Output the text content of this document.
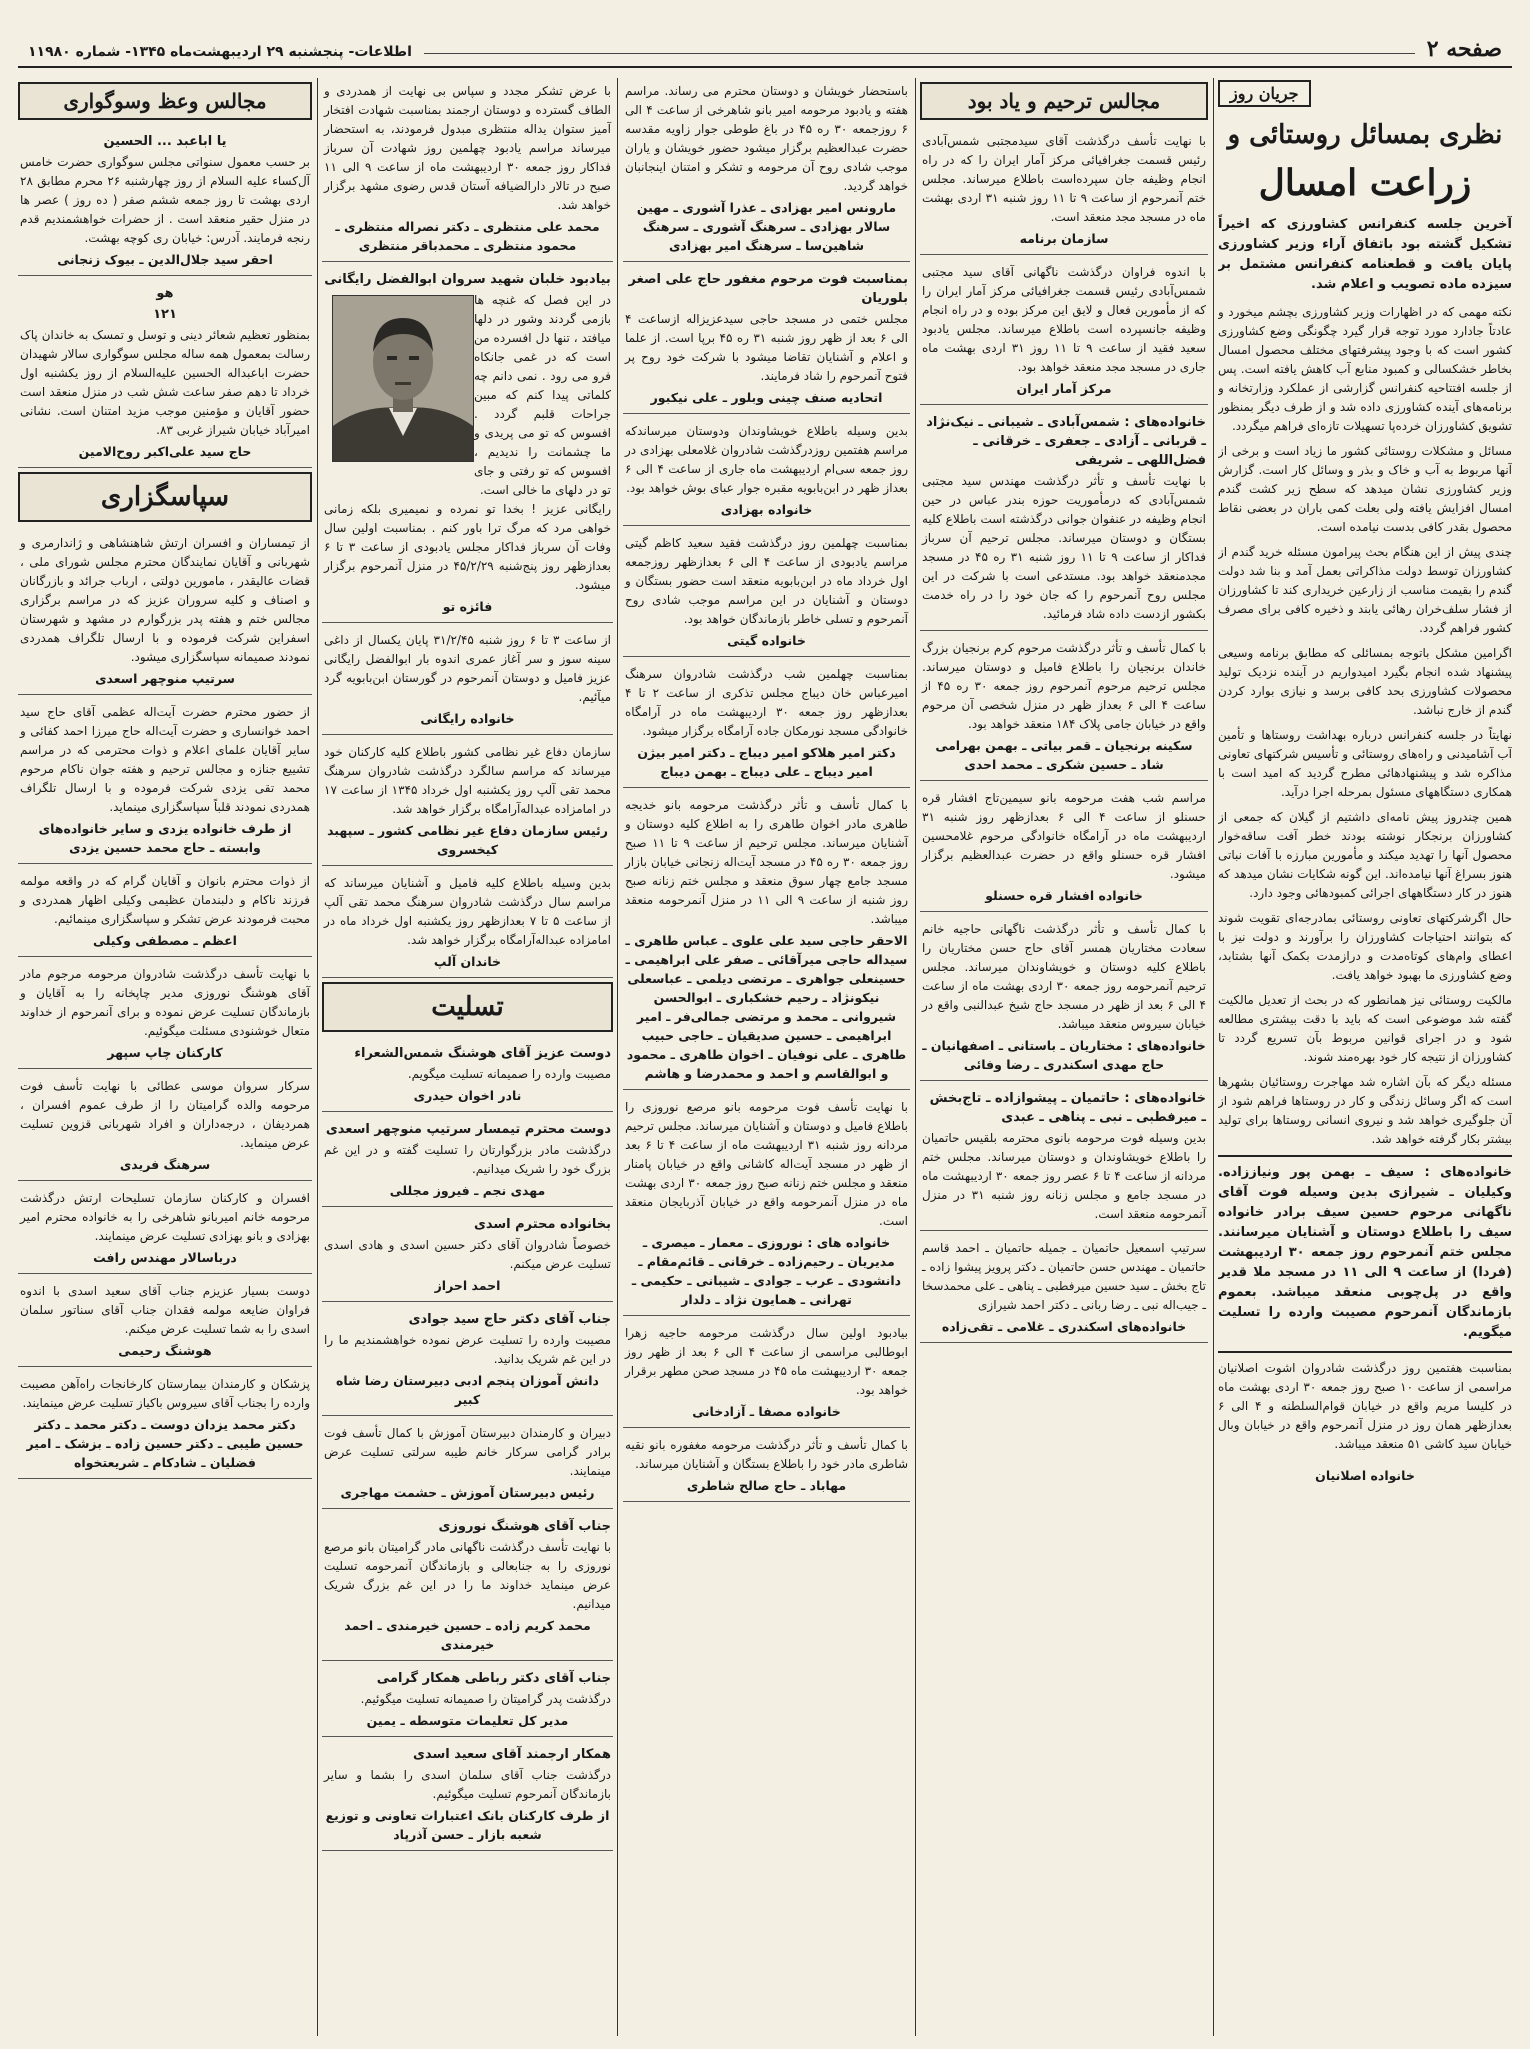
صفحه ۲
اطلاعات- پنجشنبه ۲۹ اردیبهشت‌ماه ۱۳۴۵- شماره ۱۱۹۸۰
جریان روز
نظری بمسائل روستائی و
زراعت امسال
آخرین جلسه کنفرانس کشاورزی که اخیراً تشکیل گشته بود باتفاق آراء وزیر کشاورزی پایان یافت و قطعنامه کنفرانس مشتمل بر سیزده ماده تصویب و اعلام شد.
نکته مهمی که در اظهارات وزیر کشاورزی بچشم میخورد و عادتاً جادارد مورد توجه قرار گیرد چگونگی وضع کشاورزی کشور است که با وجود پیشرفتهای مختلف محصول امسال بخاطر خشکسالی و کمبود منابع آب کاهش یافته است. پس از جلسه افتتاحیه کنفرانس گزارشی از عملکرد وزارتخانه و برنامه‌های آینده کشاورزی داده شد و از طرف دیگر بمنظور تشویق کشاورزان خرده‌پا تسهیلات تازه‌ای فراهم میگردد.
مسائل و مشکلات روستائی کشور ما زیاد است و برخی از آنها مربوط به آب و خاک و بذر و وسائل کار است. گزارش وزیر کشاورزی نشان میدهد که سطح زیر کشت گندم امسال افزایش یافته ولی بعلت کمی باران در بعضی نقاط محصول بقدر کافی بدست نیامده است.
چندی پیش از این هنگام بحث پیرامون مسئله خرید گندم از کشاورزان توسط دولت مذاکراتی بعمل آمد و بنا شد دولت گندم را بقیمت مناسب از زارعین خریداری کند تا کشاورزان از فشار سلف‌خران رهائی یابند و ذخیره کافی برای مصرف کشور فراهم گردد.
اگرامین مشکل باتوجه بمسائلی که مطابق برنامه وسیعی پیشنهاد شده انجام بگیرد امیدواریم در آینده نزدیک تولید محصولات کشاورزی بحد کافی برسد و نیازی بوارد کردن گندم از خارج نباشد.
نهایتاً در جلسه کنفرانس درباره بهداشت روستاها و تأمین آب آشامیدنی و راه‌های روستائی و تأسیس شرکتهای تعاونی مذاکره شد و پیشنهادهائی مطرح گردید که امید است با همکاری دستگاههای مسئول بمرحله اجرا درآید.
همین چندروز پیش نامه‌ای داشتیم از گیلان که جمعی از کشاورزان برنجکار نوشته بودند خطر آفت ساقه‌خوار محصول آنها را تهدید میکند و مأمورین مبارزه با آفات نباتی هنوز بسراغ آنها نیامده‌اند. این گونه شکایات نشان میدهد که هنوز در کار دستگاههای اجرائی کمبودهائی وجود دارد.
حال اگرشرکتهای تعاونی روستائی بمادرجه‌ای تقویت شوند که بتوانند احتیاجات کشاورزان را برآورند و دولت نیز با اعطای وام‌های کوتاه‌مدت و درازمدت بکمک آنها بشتابد، وضع کشاورزی ما بهبود خواهد یافت.
مالکیت روستائی نیز همانطور که در بحث از تعدیل مالکیت گفته شد موضوعی است که باید با دقت بیشتری مطالعه شود و در اجرای قوانین مربوط بآن تسریع گردد تا کشاورزان از نتیجه کار خود بهره‌مند شوند.
مسئله دیگر که بآن اشاره شد مهاجرت روستائیان بشهرها است که اگر وسائل زندگی و کار در روستاها فراهم شود از آن جلوگیری خواهد شد و نیروی انسانی روستاها برای تولید بیشتر بکار گرفته خواهد شد.
خانواده‌های : سیف ـ بهمن پور ونیاززاده. وکیلیان ـ شیرازی بدین وسیله فوت آقای ناگهانی مرحوم حسین سیف برادر خانواده سیف را باطلاع دوستان و آشنایان میرسانند. مجلس ختم آنمرحوم روز جمعه ۳۰ اردیبهشت (فردا) از ساعت ۹ الی ۱۱ در مسجد ملا قدیر واقع در پل‌چوبی منعقد میباشد. بعموم بازماندگان آنمرحوم مصیبت وارده را تسلیت میگویم.
بمناسبت هفتمین روز درگذشت شادروان اشوت اصلانیان مراسمی از ساعت ۱۰ صبح روز جمعه ۳۰ اردی بهشت ماه در کلیسا مریم واقع در خیابان قوام‌السلطنه و ۴ الی ۶ بعدازظهر همان روز در منزل آنمرحوم واقع در خیابان وبال خیابان سید کاشی ۵۱ منعقد میباشد.
خانواده اصلانیان
مجالس ترحیم و یاد بود
با نهایت تأسف درگذشت آقای سیدمجتبی شمس‌آبادی رئیس قسمت جغرافیائی مرکز آمار ایران را که در راه انجام وظیفه جان سپرده‌است باطلاع میرساند. مجلس ختم آنمرحوم از ساعت ۹ تا ۱۱ روز شنبه ۳۱ اردی بهشت ماه در مسجد مجد منعقد است.
سازمان برنامه
با اندوه فراوان درگذشت ناگهانی آقای سید مجتبی شمس‌آبادی رئیس قسمت جغرافیائی مرکز آمار ایران را که از مأمورین فعال و لایق این مرکز بوده و در راه انجام وظیفه جانسپرده است باطلاع میرساند. مجلس یادبود سعید فقید از ساعت ۹ تا ۱۱ روز ۳۱ اردی بهشت ماه جاری در مسجد مجد منعقد خواهد بود.
مرکز آمار ایران
خانواده‌های : شمس‌آبادی ـ شیبانی ـ نیک‌نژاد ـ قربانی ـ آزادی ـ جعفری ـ خرقانی ـ فضل‌اللهی ـ شریفی
با نهایت تأسف و تأثر درگذشت مهندس سید مجتبی شمس‌آبادی که درمأموریت حوزه بندر عباس در حین انجام وظیفه در عنفوان جوانی درگذشته است باطلاع کلیه بستگان و دوستان میرساند. مجلس ترحیم آن سرباز فداکار از ساعت ۹ تا ۱۱ روز شنبه ۳۱ ره ۴۵ در مسجد مجدمنعقد خواهد بود. مستدعی است با شرکت در این مجلس روح آنمرحوم را که جان خود را در راه خدمت بکشور ازدست داده شاد فرمائید.
با کمال تأسف و تأثر درگذشت مرحوم کرم برنجیان بزرگ خاندان برنجیان را باطلاع فامیل و دوستان میرساند. مجلس ترحیم مرحوم آنمرحوم روز جمعه ۳۰ ره ۴۵ از ساعت ۴ الی ۶ بعداز ظهر در منزل شخصی آن مرحوم واقع در خیابان جامی پلاک ۱۸۴ منعقد خواهد بود.
سکینه برنجیان ـ قمر بیاتی ـ بهمن بهرامی شاد ـ حسین شکری ـ محمد احدی
مراسم شب هفت مرحومه بانو سیمین‌تاج افشار قره حسنلو از ساعت ۴ الی ۶ بعدازظهر روز شنبه ۳۱ اردیبهشت ماه در آرامگاه خانوادگی مرحوم غلامحسین افشار قره حسنلو واقع در حضرت عبدالعظیم برگزار میشود.
خانواده افشار قره حسنلو
با کمال تأسف و تأثر درگذشت ناگهانی حاجیه خانم سعادت مختاریان همسر آقای حاج حسن مختاریان را باطلاع کلیه دوستان و خویشاوندان میرساند. مجلس ترحیم آنمرحومه روز جمعه ۳۰ اردی بهشت ماه از ساعت ۴ الی ۶ بعد از ظهر در مسجد حاج شیخ عبدالنبی واقع در خیابان سیروس منعقد میباشد.
خانواده‌های : مختاریان ـ باستانی ـ اصفهانیان ـ حاج مهدی اسکندری ـ رضا وفائی
خانواده‌های : حاتمیان ـ پیشوازاده ـ تاج‌بخش ـ میرفطبی ـ نبی ـ پناهی ـ عبدی
بدین وسیله فوت مرحومه بانوی محترمه بلقیس حاتمیان را باطلاع خویشاوندان و دوستان میرساند. مجلس ختم مردانه از ساعت ۴ تا ۶ عصر روز جمعه ۳۰ اردیبهشت ماه در مسجد جامع و مجلس زنانه روز شنبه ۳۱ در منزل آنمرحومه منعقد است.
سرتیپ اسمعیل حاتمیان ـ جمیله حاتمیان ـ احمد قاسم حاتمیان ـ مهندس حسن حاتمیان ـ دکتر پرویز پیشوا زاده ـ تاج بخش ـ سید حسین میرفطبی ـ پناهی ـ علی محمدسخا ـ جیب‌اله نبی ـ رضا ربانی ـ دکتر احمد شیرازی
خانواده‌های اسکندری ـ غلامی ـ تقی‌زاده
باستحضار خویشان و دوستان محترم می رساند. مراسم هفته و یادبود مرحومه امیر بانو شاهرخی از ساعت ۴ الی ۶ روزجمعه ۳۰ ره ۴۵ در باغ طوطی جوار زاویه مقدسه حضرت عبدالعظیم برگزار میشود حضور خویشان و یاران موجب شادی روح آن مرحومه و تشکر و امتنان اینجانبان خواهد گردید.
مارونس امیر بهزادی ـ عذرا آشوری ـ مهین سالار بهزادی ـ سرهنگ آشوری ـ سرهنگ شاهین‌سا ـ سرهنگ امیر بهزادی
بمناسبت فوت مرحوم مغفور حاج علی اصغر بلوریان
مجلس ختمی در مسجد حاجی سیدعزیزاله ازساعت ۴ الی ۶ بعد از ظهر روز شنبه ۳۱ ره ۴۵ برپا است. از علما و اعلام و آشنایان تقاضا میشود با شرکت خود روح پر فتوح آنمرحوم را شاد فرمایند.
اتحادیه صنف چینی وبلور ـ علی نیکبور
بدین وسیله باطلاع خویشاوندان ودوستان میرساندکه مراسم هفتمین روزدرگذشت شادروان غلامعلی بهزادی در روز جمعه سی‌ام اردیبهشت ماه جاری از ساعت ۴ الی ۶ بعداز ظهر در ابن‌بابویه مقبره جوار عبای بوش خواهد بود.
خانواده بهزادی
بمناسبت چهلمین روز درگذشت فقید سعید کاظم گیتی مراسم یادبودی از ساعت ۴ الی ۶ بعدازظهر روزجمعه اول خرداد ماه در ابن‌بابویه منعقد است حضور بستگان و دوستان و آشنایان در این مراسم موجب شادی روح آنمرحوم و تسلی خاطر بازماندگان خواهد بود.
خانواده گیتی
بمناسبت چهلمین شب درگذشت شادروان سرهنگ امیرعباس خان دیباج مجلس تذکری از ساعت ۲ تا ۴ بعدازظهر روز جمعه ۳۰ اردیبهشت ماه در آرامگاه خانوادگی مسجد نورمکان جاده آرامگاه برگزار میشود.
دکتر امیر هلاکو امیر دیباج ـ دکتر امیر بیژن امیر دیباج ـ علی دیباج ـ بهمن دیباج
با کمال تأسف و تأثر درگذشت مرحومه بانو خدیجه طاهری مادر اخوان طاهری را به اطلاع کلیه دوستان و آشنایان میرساند. مجلس ترحیم از ساعت ۹ تا ۱۱ صبح روز جمعه ۳۰ ره ۴۵ در مسجد آیت‌اله زنجانی خیابان بازار مسجد جامع چهار سوق منعقد و مجلس ختم زنانه صبح روز شنبه از ساعت ۹ الی ۱۱ در منزل آنمرحومه منعقد میباشد.
الاحقر حاجی سید علی علوی ـ عباس طاهری ـ سیداله حاجی میرآقائی ـ صفر علی ابراهیمی ـ حسینعلی جواهری ـ مرتضی دیلمی ـ عباسعلی نیکونژاد ـ رحیم خشکباری ـ ابوالحسن شیروانی ـ محمد و مرتضی جمالی‌فر ـ امیر ابراهیمی ـ حسین صدیقیان ـ حاجی حبیب طاهری ـ علی نوفیان ـ اخوان طاهری ـ محمود و ابوالقاسم و احمد و محمدرضا و هاشم
با نهایت تأسف فوت مرحومه بانو مرصع نوروزی را باطلاع فامیل و دوستان و آشنایان میرساند. مجلس ترحیم مردانه روز شنبه ۳۱ اردیبهشت ماه از ساعت ۴ تا ۶ بعد از ظهر در مسجد آیت‌اله کاشانی واقع در خیابان پامنار منعقد و مجلس ختم زنانه صبح روز جمعه ۳۰ اردی بهشت ماه در منزل آنمرحومه واقع در خیابان آذربایجان منعقد است.
خانواده های : نوروزی ـ معمار ـ میصری ـ مدیریان ـ رحیم‌زاده ـ خرقانی ـ قائم‌مقام ـ دانشودی ـ عرب ـ جوادی ـ شیبانی ـ حکیمی ـ تهرانی ـ همایون نژاد ـ دلدار
بیادبود اولین سال درگذشت مرحومه حاجیه زهرا ابوطالبی مراسمی از ساعت ۴ الی ۶ بعد از ظهر روز جمعه ۳۰ اردیبهشت ماه ۴۵ در مسجد صحن مطهر برقرار خواهد بود.
خانواده مصفا ـ آزادخانی
با کمال تأسف و تأثر درگذشت مرحومه مغفوره بانو نقیه شاطری مادر خود را باطلاع بستگان و آشنایان میرساند.
مهاباد ـ حاج صالح شاطری
با عرض تشکر مجدد و سپاس بی نهایت از همدردی و الطاف گسترده و دوستان ارجمند بمناسبت شهادت افتخار آمیز ستوان یداله منتظری مبدول فرمودند، به استحضار میرساند مراسم یادبود چهلمین روز شهادت آن سرباز فداکار روز جمعه ۳۰ اردیبهشت ماه از ساعت ۹ الی ۱۱ صبح در تالار دارالضیافه آستان قدس رضوی مشهد برگزار خواهد شد.
محمد علی منتظری ـ دکتر نصراله منتظری ـ محمود منتظری ـ محمدباقر منتظری
بیادبود خلبان شهید سروان ابوالفضل رایگانی
در این فصل که غنچه ها بازمی گردند وشور در دلها میافتد ، تنها دل افسرده من است که در غمی جانکاه فرو می رود . نمی دانم چه کلماتی پیدا کنم که مبین جراحات قلبم گردد . افسوس که تو می پریدی و ما چشمانت را ندیدیم ، افسوس که تو رفتی و جای تو در دلهای ما خالی است.
رایگانی عزیز ! بخدا تو نمرده و نمیمیری بلکه زمانی خواهی مرد که مرگ ترا باور کنم . بمناسبت اولین سال وفات آن سرباز فداکار مجلس یادبودی از ساعت ۳ تا ۶ بعدازظهر روز پنج‌شنبه ۴۵/۲/۲۹ در منزل آنمرحوم برگزار میشود.
فائزه تو
از ساعت ۳ تا ۶ روز شنبه ۳۱/۲/۴۵ پایان یکسال از داغی سینه سوز و سر آغاز عمری اندوه بار ابوالفضل رایگانی عزیز فامیل و دوستان آنمرحوم در گورستان ابن‌بابویه گرد میآئیم.
خانواده رایگانی
سازمان دفاع غیر نظامی کشور باطلاع کلیه کارکنان خود میرساند که مراسم سالگرد درگذشت شادروان سرهنگ محمد تقی آلپ روز یکشنبه اول خرداد ۱۳۴۵ از ساعت ۱۷ در امامزاده عبداله‌آرامگاه برگزار خواهد شد.
رئیس سازمان دفاع غیر نظامی کشور ـ سپهبد کیخسروی
بدین وسیله باطلاع کلیه فامیل و آشنایان میرساند که مراسم سال درگذشت شادروان سرهنگ محمد تقی آلپ از ساعت ۵ تا ۷ بعدازظهر روز یکشنبه اول خرداد ماه در امامزاده عبداله‌آرامگاه برگزار خواهد شد.
خاندان آلپ
تسلیت
دوست عزیز آقای هوشنگ شمس‌الشعراء
مصیبت وارده را صمیمانه تسلیت میگویم.
نادر اخوان حیدری
دوست محترم تیمسار سرتیپ منوچهر اسعدی
درگذشت مادر بزرگوارتان را تسلیت گفته و در این غم بزرگ خود را شریک میدانیم.
مهدی نجم ـ فیروز مجللی
بخانواده محترم اسدی
خصوصاً شادروان آقای دکتر حسین اسدی و هادی اسدی تسلیت عرض میکنم.
احمد احراز
جناب آقای دکتر حاج سید جوادی
مصیبت وارده را تسلیت عرض نموده خواهشمندیم ما را در این غم شریک بدانید.
دانش آموزان پنجم ادبی دبیرستان رضا شاه کبیر
دبیران و کارمندان دبیرستان آموزش با کمال تأسف فوت برادر گرامی سرکار خانم طیبه سرلتی تسلیت عرض مینمایند.
رئیس دبیرستان آموزش ـ حشمت مهاجری
جناب آقای هوشنگ نوروزی
با نهایت تأسف درگذشت ناگهانی مادر گرامیتان بانو مرصع نوروزی را به جنابعالی و بازماندگان آنمرحومه تسلیت عرض مینماید خداوند ما را در این غم بزرگ شریک میدانیم.
محمد کریم زاده ـ حسین خیرمندی ـ احمد خیرمندی
جناب آقای دکتر رباطی همکار گرامی
درگذشت پدر گرامیتان را صمیمانه تسلیت میگوئیم.
مدیر کل تعلیمات متوسطه ـ یمین
همکار ارجمند آقای سعید اسدی
درگذشت جناب آقای سلمان اسدی را بشما و سایر بازماندگان آنمرحوم تسلیت میگوئیم.
از طرف کارکنان بانک اعتبارات تعاونی و توزیع شعبه بازار ـ حسن آذرپاد
مجالس وعظ وسوگواری
یا اباعبد ... الحسین
بر حسب معمول سنواتی مجلس سوگواری حضرت خامس آل‌کساء علیه السلام از روز چهارشنبه ۲۶ محرم مطابق ۲۸ اردی بهشت تا روز جمعه ششم صفر ( ده روز ) عصر ها در منزل حقیر منعقد است . از حضرات خواهشمندیم قدم رنجه فرمایند. آدرس: خیابان ری کوچه بهشت.
احقر سید جلال‌الدین ـ بیوک زنجانی
هو
۱۲۱
بمنظور تعظیم شعائر دینی و توسل و تمسک به خاندان پاک رسالت بمعمول همه ساله مجلس سوگواری سالار شهیدان حضرت اباعبداله الحسین علیه‌السلام از روز یکشنبه اول خرداد تا دهم صفر ساعت شش شب در منزل منعقد است حضور آقایان و مؤمنین موجب مزید امتنان است. نشانی امیرآباد خیابان شیراز غربی ۸۳.
حاج سید علی‌اکبر روح‌الامین
سپاسگزاری
از تیمساران و افسران ارتش شاهنشاهی و ژاندارمری و شهربانی و آقایان نمایندگان محترم مجلس شورای ملی ، قضات عالیقدر ، مامورین دولتی ، ارباب جرائد و بازرگانان و اصناف و کلیه سروران عزیز که در مراسم برگزاری مجالس ختم و هفته پدر بزرگوارم در مشهد و شهرستان اسفراین شرکت فرموده و با ارسال تلگراف همدردی نمودند صمیمانه سپاسگزاری میشود.
سرتیپ منوچهر اسعدی
از حضور محترم حضرت آیت‌اله عظمی آقای حاج سید احمد خوانساری و حضرت آیت‌اله حاج میرزا احمد کفائی و سایر آقایان علمای اعلام و ذوات محترمی که در مراسم تشییع جنازه و مجالس ترحیم و هفته جوان ناکام مرحوم محمد تقی یزدی شرکت فرموده و با ارسال تلگراف همدردی نمودند قلباً سپاسگزاری مینماید.
از طرف خانواده یزدی و سایر خانواده‌های وابسته ـ حاج محمد حسین یزدی
از ذوات محترم بانوان و آقایان گرام که در واقعه مولمه فرزند ناکام و دلبندمان عظیمی وکیلی اظهار همدردی و محبت فرمودند عرض تشکر و سپاسگزاری مینمائیم.
اعظم ـ مصطفی وکیلی
با نهایت تأسف درگذشت شادروان مرحومه مرجوم مادر آقای هوشنگ نوروزی مدیر چاپخانه را به آقایان و بازماندگان تسلیت عرض نموده و برای آنمرحوم از خداوند متعال خوشنودی مسئلت میگوئیم.
کارکنان چاپ سپهر
سرکار سروان موسی عطائی با نهایت تأسف فوت مرحومه والده گرامیتان را از طرف عموم افسران ، همردیفان ، درجه‌داران و افراد شهربانی قزوین تسلیت عرض مینماید.
سرهنگ فریدی
افسران و کارکنان سازمان تسلیحات ارتش درگذشت مرحومه خانم امیربانو شاهرخی را به خانواده محترم امیر بهزادی و بانو بهزادی تسلیت عرض مینمایند.
درباسالار مهندس رافت
دوست بسیار عزیزم جناب آقای سعید اسدی با اندوه فراوان ضایعه مولمه فقدان جناب آقای سناتور سلمان اسدی را به شما تسلیت عرض میکنم.
هوشنگ رحیمی
پزشکان و کارمندان بیمارستان کارخانجات راه‌آهن مصیبت وارده را بجناب آقای سیروس باکیاز تسلیت عرض مینمایند.
دکتر محمد یزدان دوست ـ دکتر محمد ـ دکتر حسین طیبی ـ دکتر حسین زاده ـ بزشک ـ امیر فضلیان ـ شادکام ـ شریعتخواه
